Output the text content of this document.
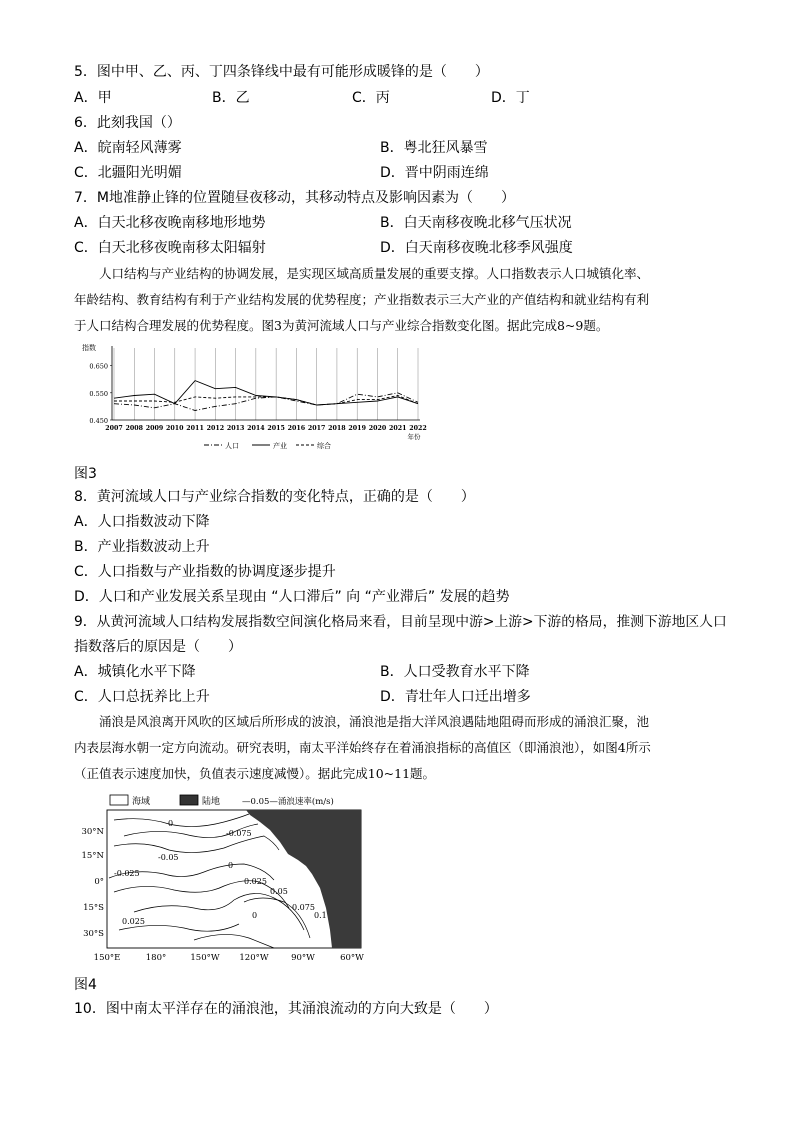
5．图中甲、乙、丙、丁四条锋线中最有可能形成暖锋的是（　　）
A．甲	B．乙	C．丙	D．丁
6．此刻我国（）
A．皖南轻风薄雾	B．粤北狂风暴雪
C．北疆阳光明媚	D．晋中阴雨连绵
7．M地准静止锋的位置随昼夜移动，其移动特点及影响因素为（　　）
A．白天北移夜晚南移地形地势	B．白天南移夜晚北移气压状况
C．白天北移夜晚南移太阳辐射	D．白天南移夜晚北移季风强度
人口结构与产业结构的协调发展，是实现区域高质量发展的重要支撑。人口指数表示人口城镇化率、
年龄结构、教育结构有利于产业结构发展的优势程度；产业指数表示三大产业的产值结构和就业结构有利
于人口结构合理发展的优势程度。图3为黄河流域人口与产业综合指数变化图。据此完成8~9题。
指数
0.650
0.550
0.450
2007 2008 2009 2010 2011 2012 2013 2014 2015 2016 2017 2018 2019 2020 2021 2022
年份
人口	产业	综合
图3
8．黄河流域人口与产业综合指数的变化特点，正确的是（　　）
A．人口指数波动下降
B．产业指数波动上升
C．人口指数与产业指数的协调度逐步提升
D．人口和产业发展关系呈现由 “人口滞后” 向 “产业滞后” 发展的趋势
9．从黄河流域人口结构发展指数空间演化格局来看，目前呈现中游>上游>下游的格局，推测下游地区人口
指数落后的原因是（　　）
A．城镇化水平下降	B．人口受教育水平下降
C．人口总抚养比上升	D．青壮年人口迁出增多
涌浪是风浪离开风吹的区域后所形成的波浪，涌浪池是指大洋风浪遇陆地阻碍而形成的涌浪汇聚，池
内表层海水朝一定方向流动。研究表明，南太平洋始终存在着涌浪指标的高值区（即涌浪池），如图4所示
（正值表示速度加快，负值表示速度减慢）。据此完成10~11题。
海域	陆地	—0.05—涌浪速率(m/s)
0
-0.075
-0.05
-0.025
0
0.025
0.05
0.075
0.1
0
0.025
30°N
15°N
0°
15°S
30°S
150°E	180°	150°W 120°W	90°W	60°W
图4
10．图中南太平洋存在的涌浪池，其涌浪流动的方向大致是（　　）
